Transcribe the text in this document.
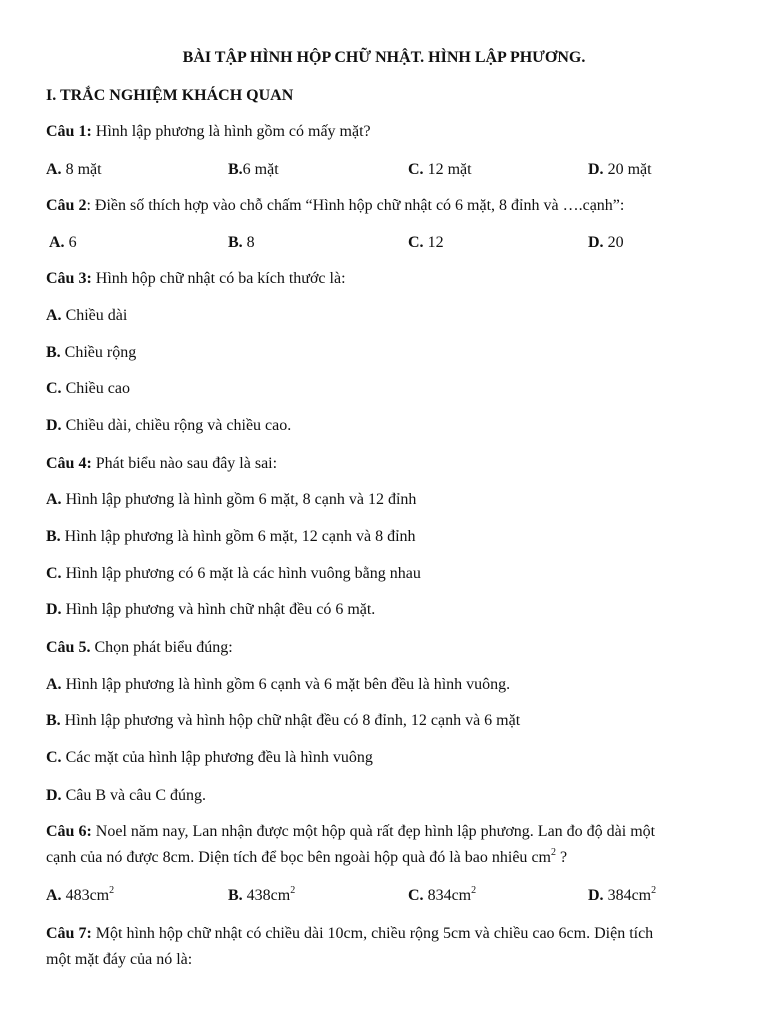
BÀI TẬP HÌNH HỘP CHỮ NHẬT. HÌNH LẬP PHƯƠNG.
I. TRẮC NGHIỆM KHÁCH QUAN
Câu 1: Hình lập phương là hình gồm có mấy mặt?
A. 8 mặt	B.6 mặt	C. 12 mặt	D. 20 mặt
Câu 2: Điền số thích hợp vào chỗ chấm “Hình hộp chữ nhật có 6 mặt, 8 đỉnh và ….cạnh”:
A. 6	B. 8	C. 12	D. 20
Câu 3: Hình hộp chữ nhật có ba kích thước là:
A. Chiều dài
B. Chiều rộng
C. Chiều cao
D. Chiều dài, chiều rộng và chiều cao.
Câu 4: Phát biểu nào sau đây là sai:
A. Hình lập phương là hình gồm 6 mặt, 8 cạnh và 12 đỉnh
B. Hình lập phương là hình gồm 6 mặt, 12 cạnh và 8 đỉnh
C. Hình lập phương có 6 mặt là các hình vuông bằng nhau
D. Hình lập phương và hình chữ nhật đều có 6 mặt.
Câu 5. Chọn phát biểu đúng:
A. Hình lập phương là hình gồm 6 cạnh và 6 mặt bên đều là hình vuông.
B. Hình lập phương và hình hộp chữ nhật đều có 8 đỉnh, 12 cạnh và 6 mặt
C. Các mặt của hình lập phương đều là hình vuông
D. Câu B và câu C đúng.
Câu 6: Noel năm nay, Lan nhận được một hộp quà rất đẹp hình lập phương. Lan đo độ dài một
cạnh của nó được 8cm. Diện tích để bọc bên ngoài hộp quà đó là bao nhiêu $cm^2$ ?
A. $483cm^2$	B. $438cm^2$	C. $834cm^2$	D. $384cm^2$
Câu 7: Một hình hộp chữ nhật có chiều dài 10cm, chiều rộng 5cm và chiều cao 6cm. Diện tích
một mặt đáy của nó là:
